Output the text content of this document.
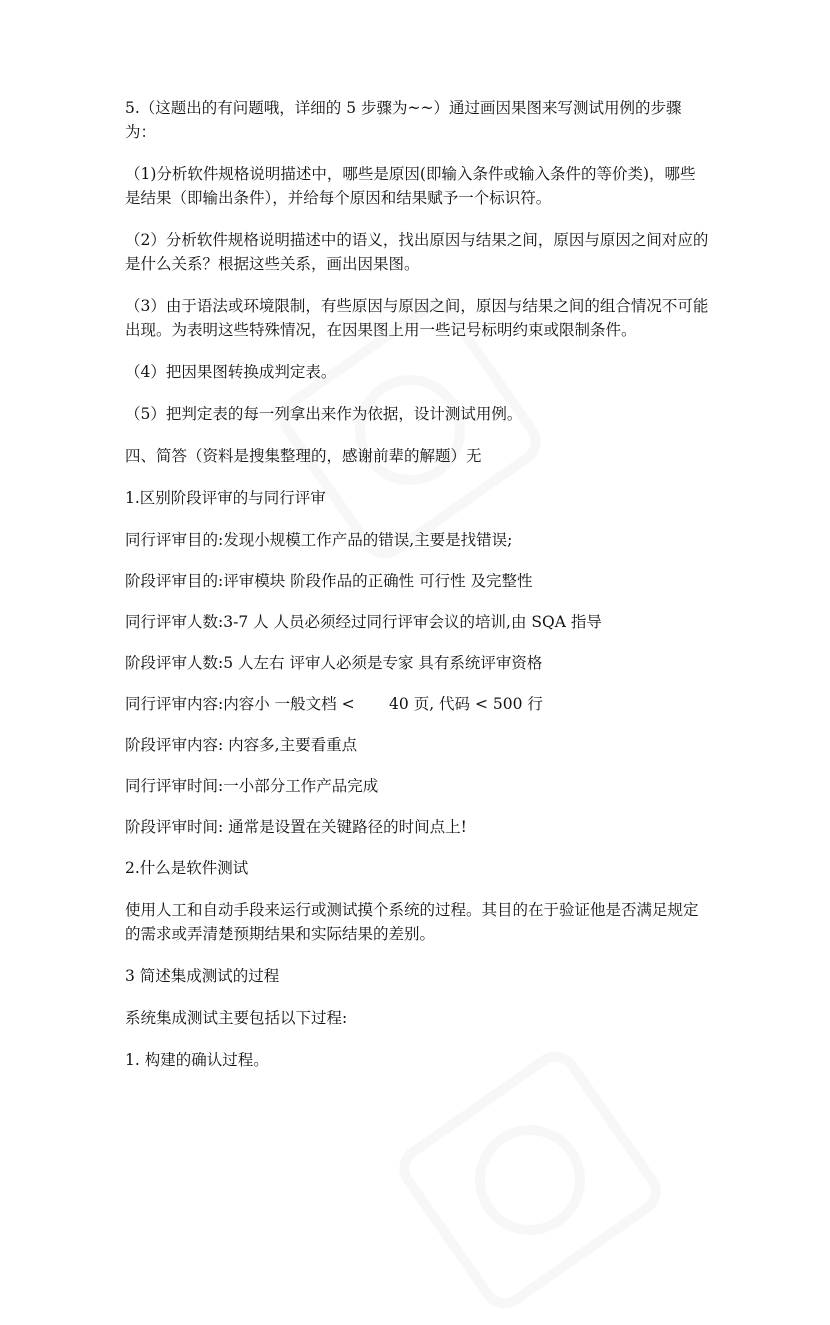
5.（这题出的有问题哦，详细的 5 步骤为~~）通过画因果图来写测试用例的步骤为：

（1)分析软件规格说明描述中，哪些是原因(即输入条件或输入条件的等价类)，哪些是结果（即输出条件），并给每个原因和结果赋予一个标识符。

（2）分析软件规格说明描述中的语义，找出原因与结果之间，原因与原因之间对应的是什么关系？根据这些关系，画出因果图。

（3）由于语法或环境限制，有些原因与原因之间，原因与结果之间的组合情况不可能出现。为表明这些特殊情况，在因果图上用一些记号标明约束或限制条件。

（4）把因果图转换成判定表。

（5）把判定表的每一列拿出来作为依据，设计测试用例。

四、简答（资料是搜集整理的，感谢前辈的解题）无

1.区别阶段评审的与同行评审

同行评审目的:发现小规模工作产品的错误,主要是找错误;

阶段评审目的:评审模块 阶段作品的正确性 可行性 及完整性

同行评审人数:3-7 人 人员必须经过同行评审会议的培训,由 SQA 指导

阶段评审人数:5 人左右 评审人必须是专家 具有系统评审资格

同行评审内容:内容小 一般文档 <       40 页, 代码 < 500 行

阶段评审内容: 内容多,主要看重点

同行评审时间:一小部分工作产品完成

阶段评审时间: 通常是设置在关键路径的时间点上!

2.什么是软件测试

使用人工和自动手段来运行或测试摸个系统的过程。其目的在于验证他是否满足规定的需求或弄清楚预期结果和实际结果的差别。

3 简述集成测试的过程

系统集成测试主要包括以下过程:

1. 构建的确认过程。
